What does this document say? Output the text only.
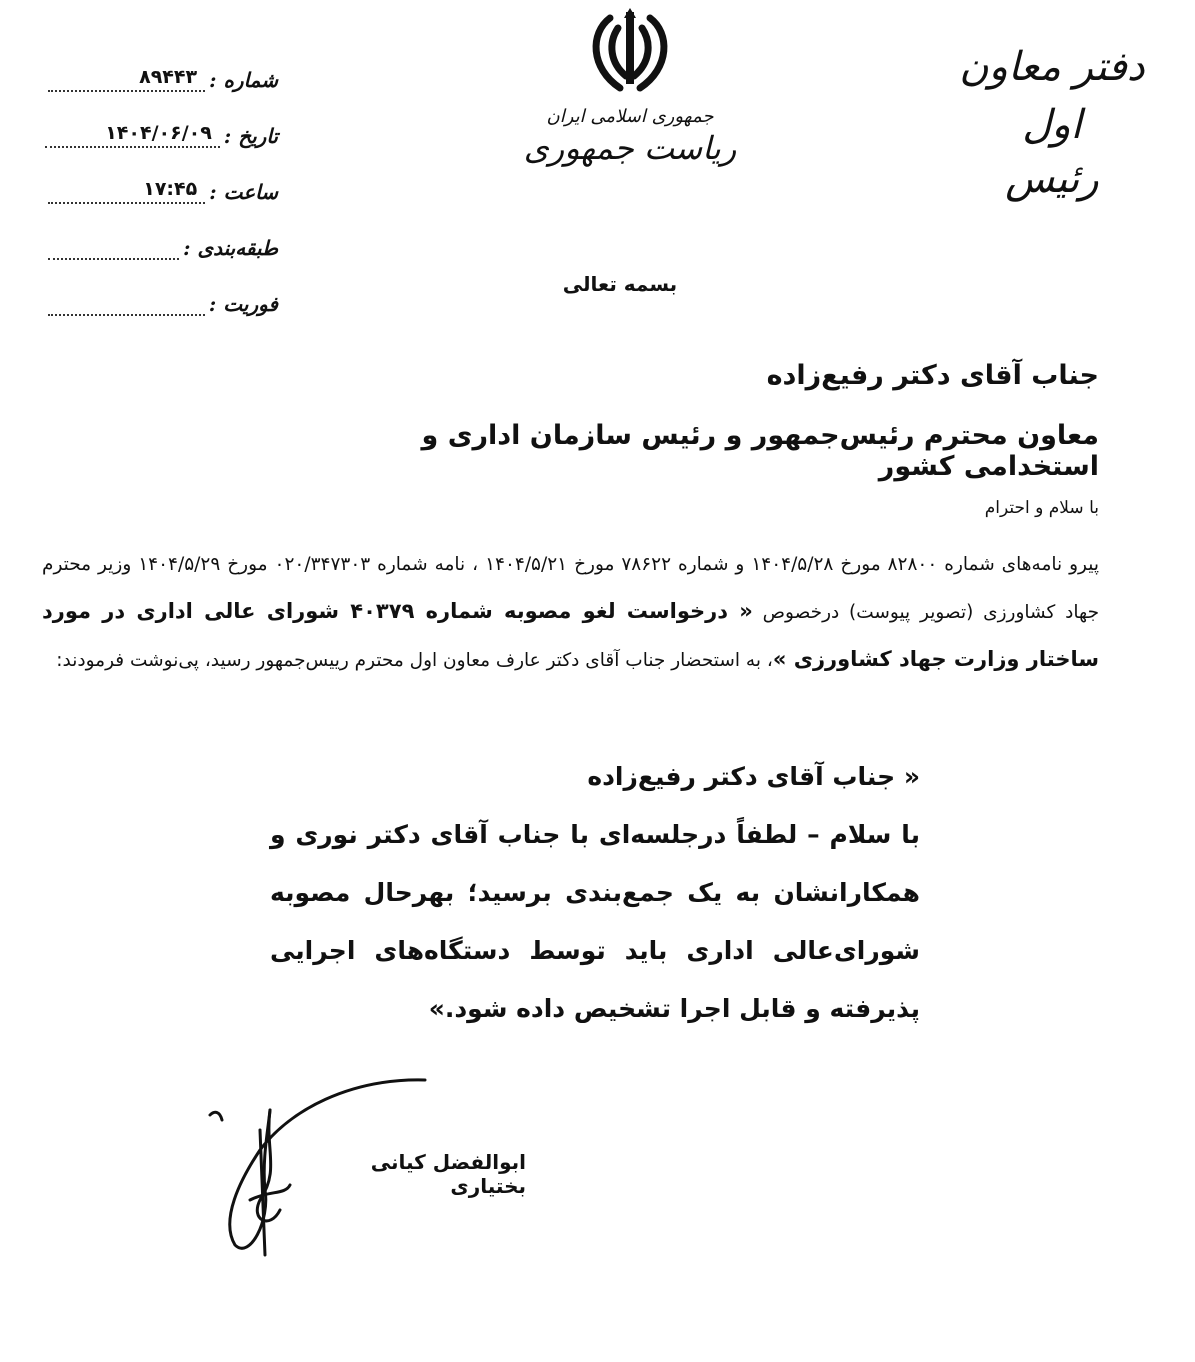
دفتر معاون اول
رئیس
جمهوری اسلامی ایران
ریاست جمهوری
شماره :
۸۹۴۴۳
تاریخ :
۱۴۰۴/۰۶/۰۹
ساعت :
۱۷:۴۵
طبقه‌بندی :
فوریت :
بسمه تعالی
جناب آقای دکتر رفیع‌زاده
معاون محترم رئیس‌جمهور و رئیس سازمان اداری و استخدامی کشور
با سلام و احترام
پیرو نامه‌های شماره ۸۲۸۰۰ مورخ ۱۴۰۴/۵/۲۸ و شماره ۷۸۶۲۲ مورخ ۱۴۰۴/۵/۲۱ ، نامه شماره ۰۲۰/۳۴۷۳۰۳ مورخ ۱۴۰۴/۵/۲۹ وزیر محترم جهاد کشاورزی (تصویر پیوست) درخصوص « درخواست لغو مصوبه شماره ۴۰۳۷۹ شورای عالی اداری در مورد ساختار وزارت جهاد کشاورزی »، به استحضار جناب آقای دکتر عارف معاون اول محترم رییس‌جمهور رسید، پی‌نوشت فرمودند:
« جناب آقای دکتر رفیع‌زاده
با سلام – لطفاً درجلسه‌ای با جناب آقای دکتر نوری و همکارانشان به یک جمع‌بندی برسید؛ بهرحال مصوبه شورای‌عالی اداری باید توسط دستگاه‌های اجرایی پذیرفته و قابل اجرا تشخیص داده شود.»
ابوالفضل کیانی بختیاری
